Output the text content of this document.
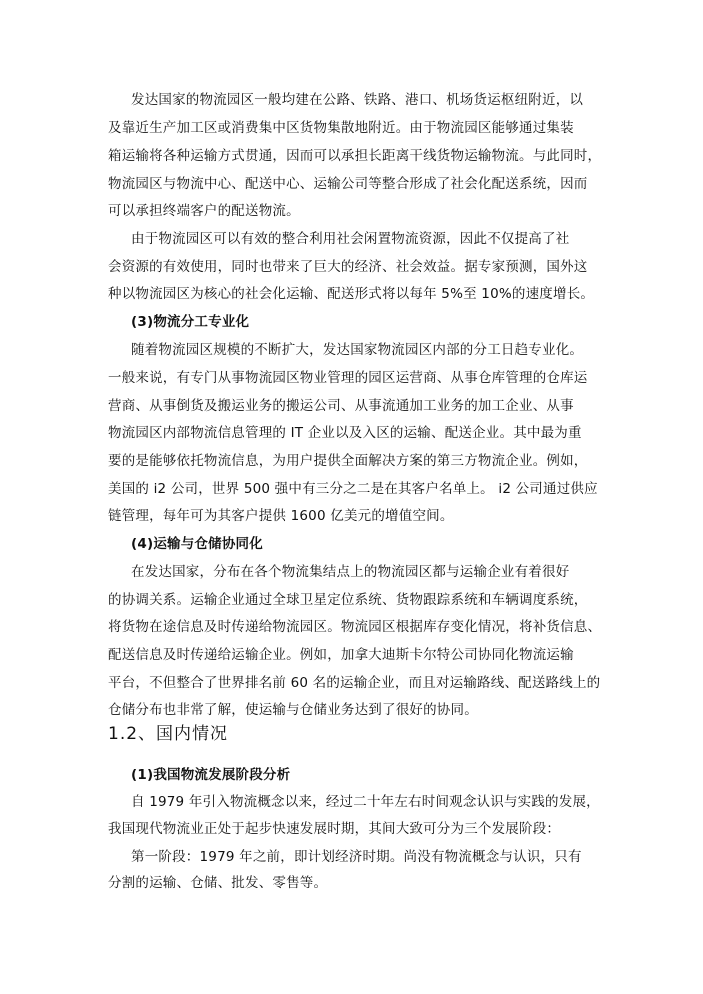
发达国家的物流园区一般均建在公路、铁路、港口、机场货运枢纽附近，以
及靠近生产加工区或消费集中区货物集散地附近。由于物流园区能够通过集装
箱运输将各种运输方式贯通，因而可以承担长距离干线货物运输物流。与此同时，
物流园区与物流中心、配送中心、运输公司等整合形成了社会化配送系统，因而
可以承担终端客户的配送物流。
由于物流园区可以有效的整合利用社会闲置物流资源，因此不仅提高了社
会资源的有效使用，同时也带来了巨大的经济、社会效益。据专家预测，国外这
种以物流园区为核心的社会化运输、配送形式将以每年 5%至 10%的速度增长。
(3)物流分工专业化
随着物流园区规模的不断扩大，发达国家物流园区内部的分工日趋专业化。
一般来说，有专门从事物流园区物业管理的园区运营商、从事仓库管理的仓库运
营商、从事倒货及搬运业务的搬运公司、从事流通加工业务的加工企业、从事
物流园区内部物流信息管理的 IT 企业以及入区的运输、配送企业。其中最为重
要的是能够依托物流信息，为用户提供全面解决方案的第三方物流企业。例如，
美国的 i2 公司，世界 500 强中有三分之二是在其客户名单上。 i2 公司通过供应
链管理，每年可为其客户提供 1600 亿美元的增值空间。
(4)运输与仓储协同化
在发达国家，分布在各个物流集结点上的物流园区都与运输企业有着很好
的协调关系。运输企业通过全球卫星定位系统、货物跟踪系统和车辆调度系统，
将货物在途信息及时传递给物流园区。物流园区根据库存变化情况，将补货信息、
配送信息及时传递给运输企业。例如，加拿大迪斯卡尔特公司协同化物流运输
平台，不但整合了世界排名前 60 名的运输企业，而且对运输路线、配送路线上的
仓储分布也非常了解，使运输与仓储业务达到了很好的协同。
1.2、国内情况
(1)我国物流发展阶段分析
自 1979 年引入物流概念以来，经过二十年左右时间观念认识与实践的发展，
我国现代物流业正处于起步快速发展时期，其间大致可分为三个发展阶段：
第一阶段：1979 年之前，即计划经济时期。尚没有物流概念与认识，只有
分割的运输、仓储、批发、零售等。
